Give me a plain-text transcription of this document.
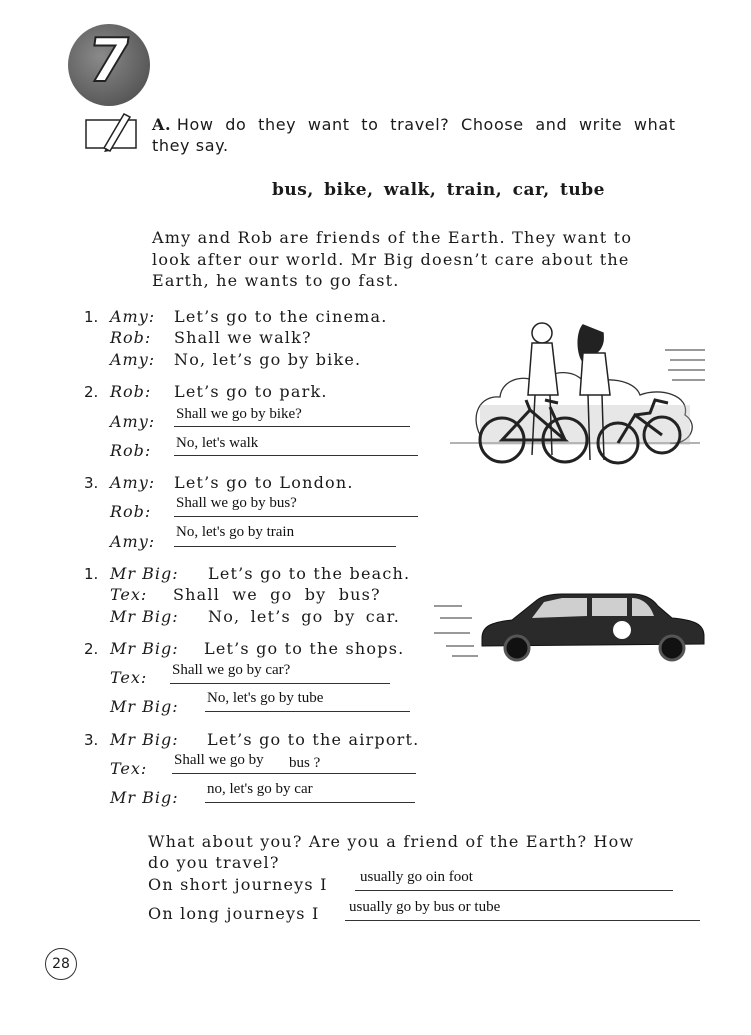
7
A. How do they want to travel? Choose and write what
they say.
bus, bike, walk, train, car, tube
Amy and Rob are friends of the Earth. They want to
look after our world. Mr Big doesn’t care about the
Earth, he wants to go fast.
1. Amy: Let’s go to the cinema.
Rob: Shall we walk?
Amy: No, let’s go by bike.
2. Rob: Let’s go to park.
Amy: Shall we go by bike?
Rob: No, let's walk
3. Amy: Let’s go to London.
Rob: Shall we go by bus?
Amy: No, let's go by train
1. Mr Big: Let’s go to the beach.
Tex: Shall we go by bus?
Mr Big: No, let’s go by car.
2. Mr Big: Let’s go to the shops.
Tex: Shall we go by car?
Mr Big: No, let's go by tube
3. Mr Big: Let’s go to the airport.
Tex: Shall we go by bus ?
Mr Big: no, let's go by car
What about you? Are you a friend of the Earth? How
do you travel?
On short journeys I usually go oin foot
On long journeys I usually go by bus or tube
28
